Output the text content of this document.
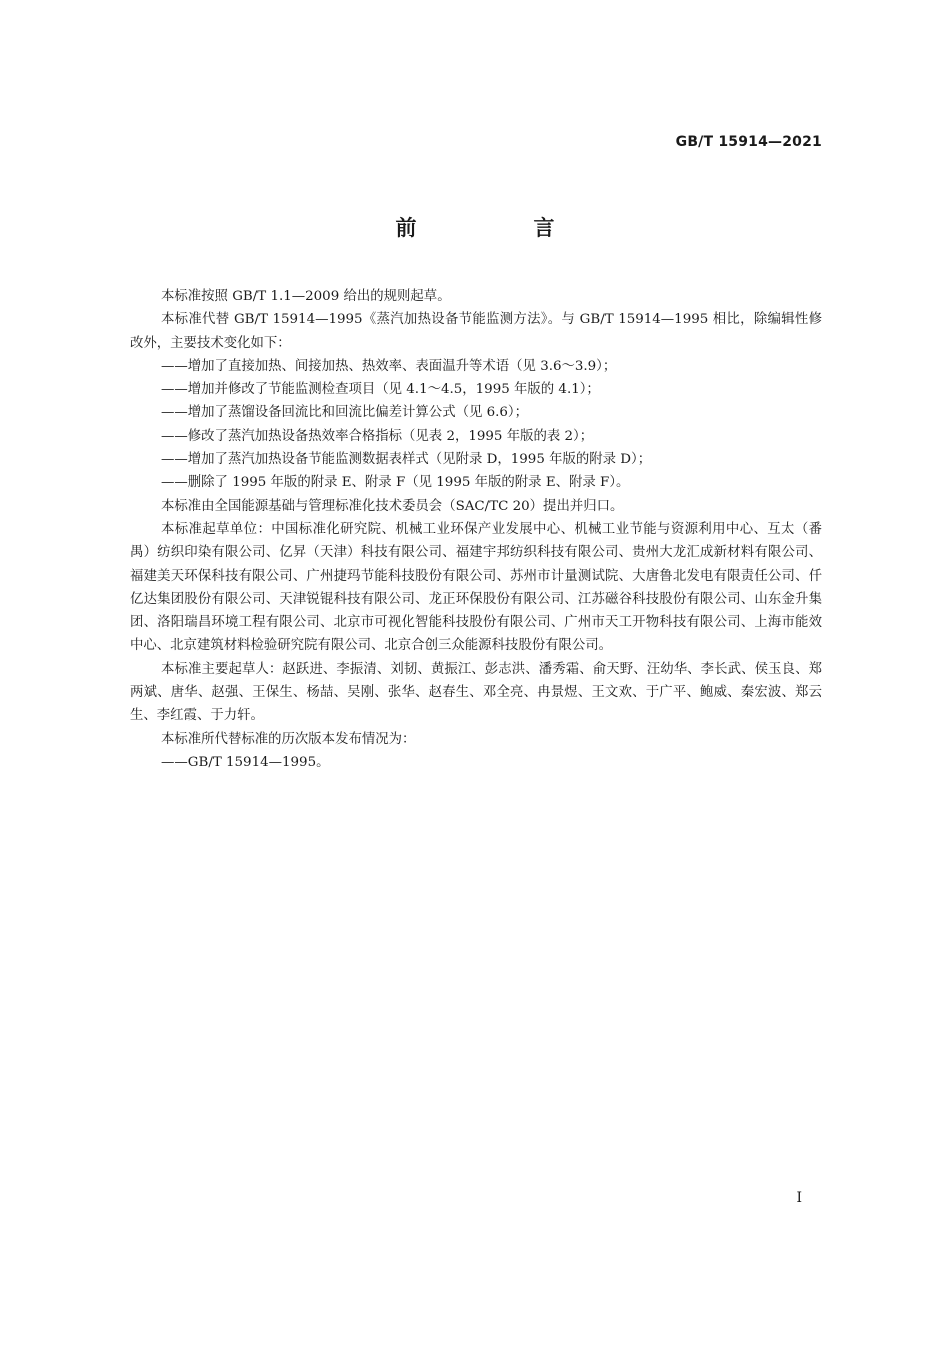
GB/T 15914—2021
前　言

本标准按照 GB/T 1.1—2009 给出的规则起草。

本标准代替 GB/T 15914—1995《蒸汽加热设备节能监测方法》。与 GB/T 15914—1995 相比，除编辑性修改外，主要技术变化如下：

——增加了直接加热、间接加热、热效率、表面温升等术语（见 3.6～3.9）；

——增加并修改了节能监测检查项目（见 4.1～4.5，1995 年版的 4.1）；

——增加了蒸馏设备回流比和回流比偏差计算公式（见 6.6）；

——修改了蒸汽加热设备热效率合格指标（见表 2，1995 年版的表 2）；

——增加了蒸汽加热设备节能监测数据表样式（见附录 D，1995 年版的附录 D）；

——删除了 1995 年版的附录 E、附录 F（见 1995 年版的附录 E、附录 F）。

本标准由全国能源基础与管理标准化技术委员会（SAC/TC 20）提出并归口。

本标准起草单位：中国标准化研究院、机械工业环保产业发展中心、机械工业节能与资源利用中心、互太（番禺）纺织印染有限公司、亿昇（天津）科技有限公司、福建宇邦纺织科技有限公司、贵州大龙汇成新材料有限公司、福建美天环保科技有限公司、广州捷玛节能科技股份有限公司、苏州市计量测试院、大唐鲁北发电有限责任公司、仟亿达集团股份有限公司、天津锐锟科技有限公司、龙正环保股份有限公司、江苏磁谷科技股份有限公司、山东金升集团、洛阳瑞昌环境工程有限公司、北京市可视化智能科技股份有限公司、广州市天工开物科技有限公司、上海市能效中心、北京建筑材料检验研究院有限公司、北京合创三众能源科技股份有限公司。

本标准主要起草人：赵跃进、李振清、刘韧、黄振江、彭志洪、潘秀霜、俞天野、汪幼华、李长武、侯玉良、郑两斌、唐华、赵强、王保生、杨喆、吴刚、张华、赵春生、邓全亮、冉景煜、王文欢、于广平、鲍威、秦宏波、郑云生、李红霞、于力轩。

本标准所代替标准的历次版本发布情况为：

——GB/T 15914—1995。

I
